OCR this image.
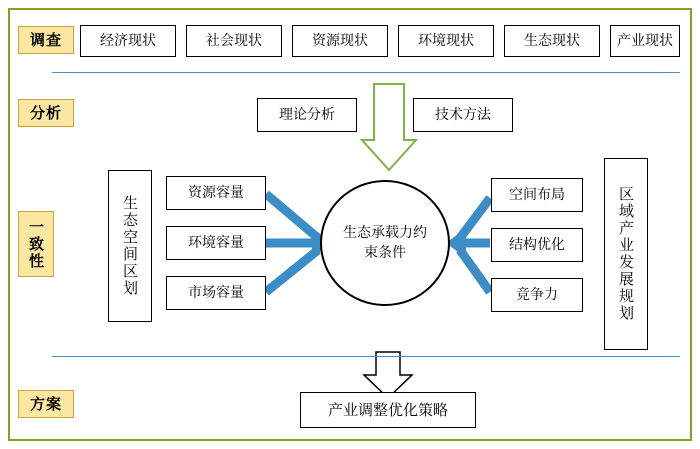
调查
分析
一致性
方案
经济现状	社会现状	资源现状	环境现状	生态现状	产业现状
理论分析	技术方法
生态空间区划	区域产业发展规划
资源容量
环境容量
市场容量
空间布局
结构优化
竞争力
生态承载力约束条件
产业调整优化策略
